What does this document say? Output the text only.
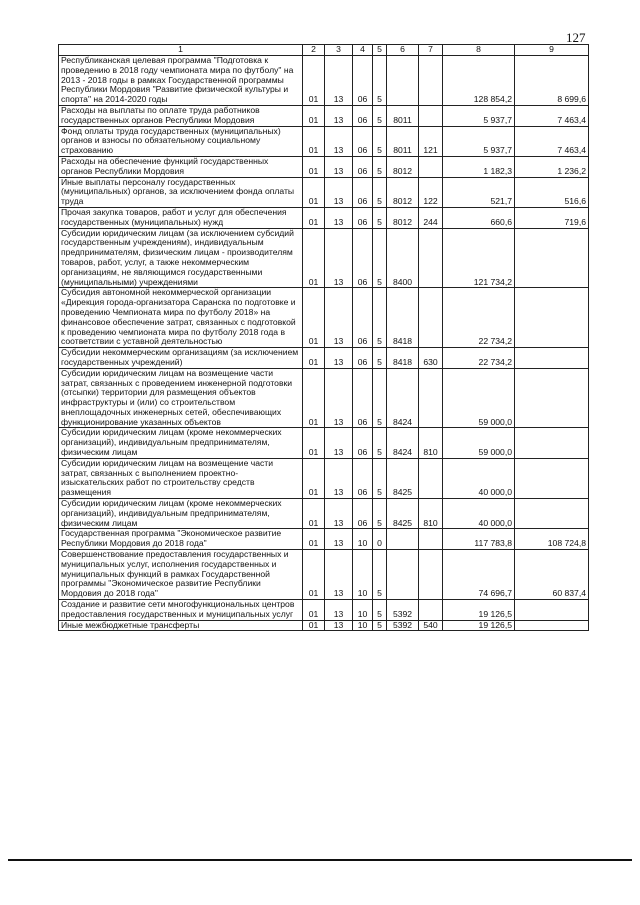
127
1	2	3	4	5	6	7	8	9
Республиканская целевая программа "Подготовка к проведению в 2018 году чемпионата мира по футболу" на 2013 - 2018 годы в рамках Государственной программы Республики Мордовия "Развитие физической культуры и спорта" на 2014-2020 годы	01	13	06	5			128 854,2	8 699,6
Расходы на выплаты по оплате труда работников государственных органов Республики Мордовия	01	13	06	5	8011		5 937,7	7 463,4
Фонд оплаты труда государственных (муниципальных) органов и взносы по обязательному социальному страхованию	01	13	06	5	8011	121	5 937,7	7 463,4
Расходы на обеспечение функций государственных органов Республики Мордовия	01	13	06	5	8012		1 182,3	1 236,2
Иные выплаты персоналу государственных (муниципальных) органов, за исключением фонда оплаты труда	01	13	06	5	8012	122	521,7	516,6
Прочая закупка товаров, работ и услуг для обеспечения государственных (муниципальных) нужд	01	13	06	5	8012	244	660,6	719,6
Субсидии юридическим лицам (за исключением субсидий государственным учреждениям), индивидуальным предпринимателям, физическим лицам - производителям товаров, работ, услуг, а также некоммерческим организациям, не являющимся государственными (муниципальными) учреждениями	01	13	06	5	8400		121 734,2	
Субсидия автономной некоммерческой организации «Дирекция города-организатора Саранска по подготовке и проведению Чемпионата мира по футболу 2018» на финансовое обеспечение затрат, связанных с подготовкой к проведению чемпионата мира по футболу 2018 года в соответствии с уставной деятельностью	01	13	06	5	8418		22 734,2	
Субсидии некоммерческим организациям (за исключением государственных учреждений)	01	13	06	5	8418	630	22 734,2	
Субсидии юридическим лицам на возмещение части затрат, связанных с проведением инженерной подготовки (отсыпки) территории для размещения объектов инфраструктуры и (или) со строительством внеплощадочных инженерных сетей, обеспечивающих функционирование указанных объектов	01	13	06	5	8424		59 000,0	
Субсидии юридическим лицам (кроме некоммерческих организаций), индивидуальным предпринимателям, физическим лицам	01	13	06	5	8424	810	59 000,0	
Субсидии юридическим лицам на возмещение части затрат, связанных с выполнением проектно-изыскательских работ по строительству средств размещения	01	13	06	5	8425		40 000,0	
Субсидии юридическим лицам (кроме некоммерческих организаций), индивидуальным предпринимателям, физическим лицам	01	13	06	5	8425	810	40 000,0	
Государственная программа "Экономическое развитие Республики Мордовия до 2018 года"	01	13	10	0			117 783,8	108 724,8
Совершенствование предоставления государственных и муниципальных услуг, исполнения государственных и муниципальных функций в рамках Государственной программы "Экономическое развитие Республики Мордовия до 2018 года"	01	13	10	5			74 696,7	60 837,4
Создание и развитие сети многофункциональных центров предоставления государственных и муниципальных услуг	01	13	10	5	5392		19 126,5	
Иные межбюджетные трансферты	01	13	10	5	5392	540	19 126,5	
